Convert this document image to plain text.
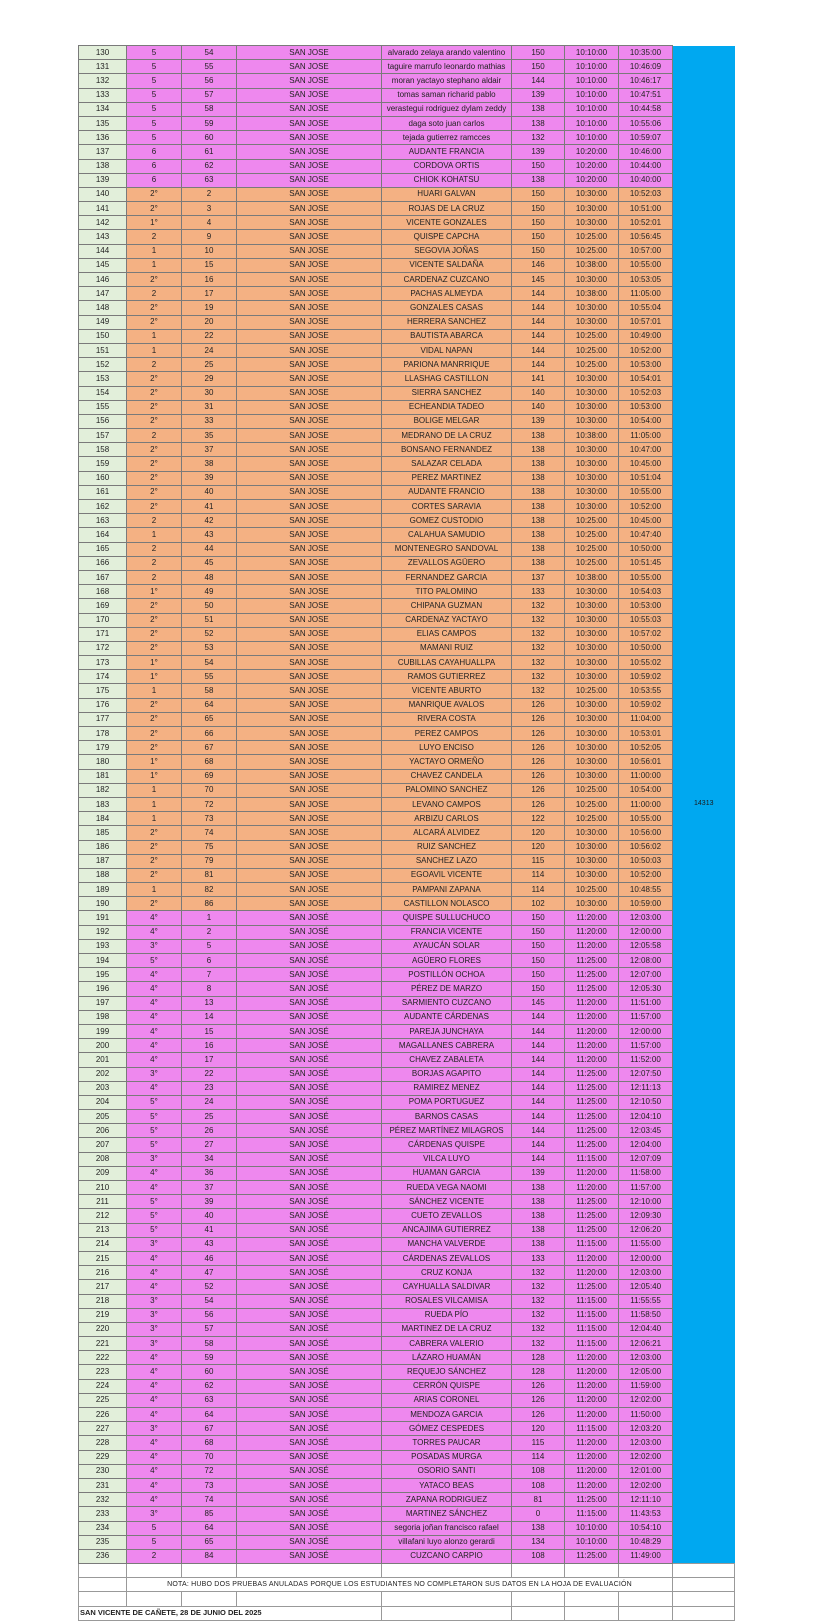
130	5	54	SAN JOSE	alvarado zelaya arando valentino	150	10:10:00	10:35:00	14313
131	5	55	SAN JOSE	taguire marrufo leonardo mathias	150	10:10:00	10:46:09	
132	5	56	SAN JOSE	moran yactayo stephano aldair	144	10:10:00	10:46:17	
133	5	57	SAN JOSE	tomas saman richarid pablo	139	10:10:00	10:47:51	
134	5	58	SAN JOSE	verastegui rodriguez dylam zeddy	138	10:10:00	10:44:58	
135	5	59	SAN JOSE	daga soto juan carlos	138	10:10:00	10:55:06	
136	5	60	SAN JOSE	tejada gutierrez ramcces	132	10:10:00	10:59:07	
137	6	61	SAN JOSE	AUDANTE FRANCIA	139	10:20:00	10:46:00	
138	6	62	SAN JOSE	CORDOVA ORTIS	150	10:20:00	10:44:00	
139	6	63	SAN JOSE	CHIOK KOHATSU	138	10:20:00	10:40:00	
140	2°	2	SAN JOSE	HUARI GALVAN	150	10:30:00	10:52:03	
141	2°	3	SAN JOSE	ROJAS DE LA CRUZ	150	10:30:00	10:51:00	
142	1°	4	SAN JOSE	VICENTE GONZALES	150	10:30:00	10:52:01	
143	2	9	SAN JOSE	QUISPE CAPCHA	150	10:25:00	10:56:45	
144	1	10	SAN JOSE	SEGOVIA JOÑAS	150	10:25:00	10:57:00	
145	1	15	SAN JOSE	VICENTE SALDAÑA	146	10:38:00	10:55:00	
146	2°	16	SAN JOSE	CARDENAZ CUZCANO	145	10:30:00	10:53:05	
147	2	17	SAN JOSE	PACHAS ALMEYDA	144	10:38:00	11:05:00	
148	2°	19	SAN JOSE	GONZALES CASAS	144	10:30:00	10:55:04	
149	2°	20	SAN JOSE	HERRERA SANCHEZ	144	10:30:00	10:57:01	
150	1	22	SAN JOSE	BAUTISTA ABARCA	144	10:25:00	10:49:00	
151	1	24	SAN JOSE	VIDAL NAPAN	144	10:25:00	10:52:00	
152	2	25	SAN JOSE	PARIONA MANRRIQUE	144	10:25:00	10:53:00	
153	2°	29	SAN JOSE	LLASHAG CASTILLON	141	10:30:00	10:54:01	
154	2°	30	SAN JOSE	SIERRA SANCHEZ	140	10:30:00	10:52:03	
155	2°	31	SAN JOSE	ECHEANDIA TADEO	140	10:30:00	10:53:00	
156	2°	33	SAN JOSE	BOLIGE MELGAR	139	10:30:00	10:54:00	
157	2	35	SAN JOSE	MEDRANO DE LA CRUZ	138	10:38:00	11:05:00	
158	2°	37	SAN JOSE	BONSANO FERNANDEZ	138	10:30:00	10:47:00	
159	2°	38	SAN JOSE	SALAZAR CELADA	138	10:30:00	10:45:00	
160	2°	39	SAN JOSE	PEREZ MARTINEZ	138	10:30:00	10:51:04	
161	2°	40	SAN JOSE	AUDANTE FRANCIO	138	10:30:00	10:55:00	
162	2°	41	SAN JOSE	CORTES SARAVIA	138	10:30:00	10:52:00	
163	2	42	SAN JOSE	GOMEZ CUSTODIO	138	10:25:00	10:45:00	
164	1	43	SAN JOSE	CALAHUA SAMUDIO	138	10:25:00	10:47:40	
165	2	44	SAN JOSE	MONTENEGRO SANDOVAL	138	10:25:00	10:50:00	
166	2	45	SAN JOSE	ZEVALLOS AGÜERO	138	10:25:00	10:51:45	
167	2	48	SAN JOSE	FERNANDEZ GARCIA	137	10:38:00	10:55:00	
168	1°	49	SAN JOSE	TITO PALOMINO	133	10:30:00	10:54:03	
169	2°	50	SAN JOSE	CHIPANA GUZMAN	132	10:30:00	10:53:00	
170	2°	51	SAN JOSE	CARDENAZ YACTAYO	132	10:30:00	10:55:03	
171	2°	52	SAN JOSE	ELIAS CAMPOS	132	10:30:00	10:57:02	
172	2°	53	SAN JOSE	MAMANI RUIZ	132	10:30:00	10:50:00	
173	1°	54	SAN JOSE	CUBILLAS CAYAHUALLPA	132	10:30:00	10:55:02	
174	1°	55	SAN JOSE	RAMOS GUTIERREZ	132	10:30:00	10:59:02	
175	1	58	SAN JOSE	VICENTE ABURTO	132	10:25:00	10:53:55	
176	2°	64	SAN JOSE	MANRIQUE AVALOS	126	10:30:00	10:59:02	
177	2°	65	SAN JOSE	RIVERA COSTA	126	10:30:00	11:04:00	
178	2°	66	SAN JOSE	PEREZ CAMPOS	126	10:30:00	10:53:01	
179	2°	67	SAN JOSE	LUYO ENCISO	126	10:30:00	10:52:05	
180	1°	68	SAN JOSE	YACTAYO ORMEÑO	126	10:30:00	10:56:01	
181	1°	69	SAN JOSE	CHAVEZ CANDELA	126	10:30:00	11:00:00	
182	1	70	SAN JOSE	PALOMINO SANCHEZ	126	10:25:00	10:54:00	
183	1	72	SAN JOSE	LEVANO CAMPOS	126	10:25:00	11:00:00	
184	1	73	SAN JOSE	ARBIZU CARLOS	122	10:25:00	10:55:00	
185	2°	74	SAN JOSE	ALCARÁ ALVIDEZ	120	10:30:00	10:56:00	
186	2°	75	SAN JOSE	RUIZ SANCHEZ	120	10:30:00	10:56:02	
187	2°	79	SAN JOSE	SANCHEZ LAZO	115	10:30:00	10:50:03	
188	2°	81	SAN JOSE	EGOAVIL VICENTE	114	10:30:00	10:52:00	
189	1	82	SAN JOSE	PAMPANI ZAPANA	114	10:25:00	10:48:55	
190	2°	86	SAN JOSE	CASTILLON NOLASCO	102	10:30:00	10:59:00	
191	4°	1	SAN JOSÉ	QUISPE SULLUCHUCO	150	11:20:00	12:03:00	
192	4°	2	SAN JOSÉ	FRANCIA VICENTE	150	11:20:00	12:00:00	
193	3°	5	SAN JOSÉ	AYAUCÁN SOLAR	150	11:20:00	12:05:58	
194	5°	6	SAN JOSÉ	AGÜERO FLORES	150	11:25:00	12:08:00	
195	4°	7	SAN JOSÉ	POSTILLÓN OCHOA	150	11:25:00	12:07:00	
196	4°	8	SAN JOSÉ	PÉREZ DE MARZO	150	11:25:00	12:05:30	
197	4°	13	SAN JOSÉ	SARMIENTO CUZCANO	145	11:20:00	11:51:00	
198	4°	14	SAN JOSÉ	AUDANTE CÁRDENAS	144	11:20:00	11:57:00	
199	4°	15	SAN JOSÉ	PAREJA JUNCHAYA	144	11:20:00	12:00:00	
200	4°	16	SAN JOSÉ	MAGALLANES CABRERA	144	11:20:00	11:57:00	
201	4°	17	SAN JOSÉ	CHAVEZ ZABALETA	144	11:20:00	11:52:00	
202	3°	22	SAN JOSÉ	BORJAS AGAPITO	144	11:25:00	12:07:50	
203	4°	23	SAN JOSÉ	RAMIREZ MENEZ	144	11:25:00	12:11:13	
204	5°	24	SAN JOSÉ	POMA PORTUGUEZ	144	11:25:00	12:10:50	
205	5°	25	SAN JOSÉ	BARNOS CASAS	144	11:25:00	12:04:10	
206	5°	26	SAN JOSÉ	PÉREZ MARTÍNEZ MILAGROS	144	11:25:00	12:03:45	
207	5°	27	SAN JOSÉ	CÁRDENAS QUISPE	144	11:25:00	12:04:00	
208	3°	34	SAN JOSÉ	VILCA LUYO	144	11:15:00	12:07:09	
209	4°	36	SAN JOSÉ	HUAMAN GARCIA	139	11:20:00	11:58:00	
210	4°	37	SAN JOSÉ	RUEDA VEGA NAOMI	138	11:20:00	11:57:00	
211	5°	39	SAN JOSÉ	SÁNCHEZ VICENTE	138	11:25:00	12:10:00	
212	5°	40	SAN JOSÉ	CUETO ZEVALLOS	138	11:25:00	12:09:30	
213	5°	41	SAN JOSÉ	ANCAJIMA GUTIERREZ	138	11:25:00	12:06:20	
214	3°	43	SAN JOSÉ	MANCHA VALVERDE	138	11:15:00	11:55:00	
215	4°	46	SAN JOSÉ	CÁRDENAS ZEVALLOS	133	11:20:00	12:00:00	
216	4°	47	SAN JOSÉ	CRUZ KONJA	132	11:20:00	12:03:00	
217	4°	52	SAN JOSÉ	CAYHUALLA SALDIVAR	132	11:25:00	12:05:40	
218	3°	54	SAN JOSÉ	ROSALES VILCAMISA	132	11:15:00	11:55:55	
219	3°	56	SAN JOSÉ	RUEDA PÍO	132	11:15:00	11:58:50	
220	3°	57	SAN JOSÉ	MARTINEZ DE LA CRUZ	132	11:15:00	12:04:40	
221	3°	58	SAN JOSÉ	CABRERA VALERIO	132	11:15:00	12:06:21	
222	4°	59	SAN JOSÉ	LÁZARO HUAMÁN	128	11:20:00	12:03:00	
223	4°	60	SAN JOSÉ	REQUEJO SÁNCHEZ	128	11:20:00	12:05:00	
224	4°	62	SAN JOSÉ	CERRÓN QUISPE	126	11:20:00	11:59:00	
225	4°	63	SAN JOSÉ	ARIAS CORONEL	126	11:20:00	12:02:00	
226	4°	64	SAN JOSÉ	MENDOZA GARCIA	126	11:20:00	11:50:00	
227	3°	67	SAN JOSÉ	GÓMEZ CESPEDES	120	11:15:00	12:03:20	
228	4°	68	SAN JOSÉ	TORRES PAUCAR	115	11:20:00	12:03:00	
229	4°	70	SAN JOSÉ	POSADAS MURGA	114	11:20:00	12:02:00	
230	4°	72	SAN JOSÉ	OSORIO SANTI	108	11:20:00	12:01:00	
231	4°	73	SAN JOSÉ	YATACO BEAS	108	11:20:00	12:02:00	
232	4°	74	SAN JOSÉ	ZAPANA RODRIGUEZ	81	11:25:00	12:11:10	
233	3°	85	SAN JOSÉ	MARTINEZ SÁNCHEZ	0	11:15:00	11:43:53	
234	5	64	SAN JOSÉ	segoria joñan francisco rafael	138	10:10:00	10:54:10	
235	5	65	SAN JOSÉ	villafani luyo alonzo gerardi	134	10:10:00	10:48:29	
236	2	84	SAN JOSÉ	CUZCANO CARPIO	108	11:25:00	11:49:00	

	NOTA: HUBO DOS PRUEBAS ANULADAS PORQUE LOS ESTUDIANTES NO COMPLETARON SUS DATOS EN LA HOJA DE EVALUACIÓN							

SAN VICENTE DE CAÑETE, 28 DE JUNIO DEL 2025								
